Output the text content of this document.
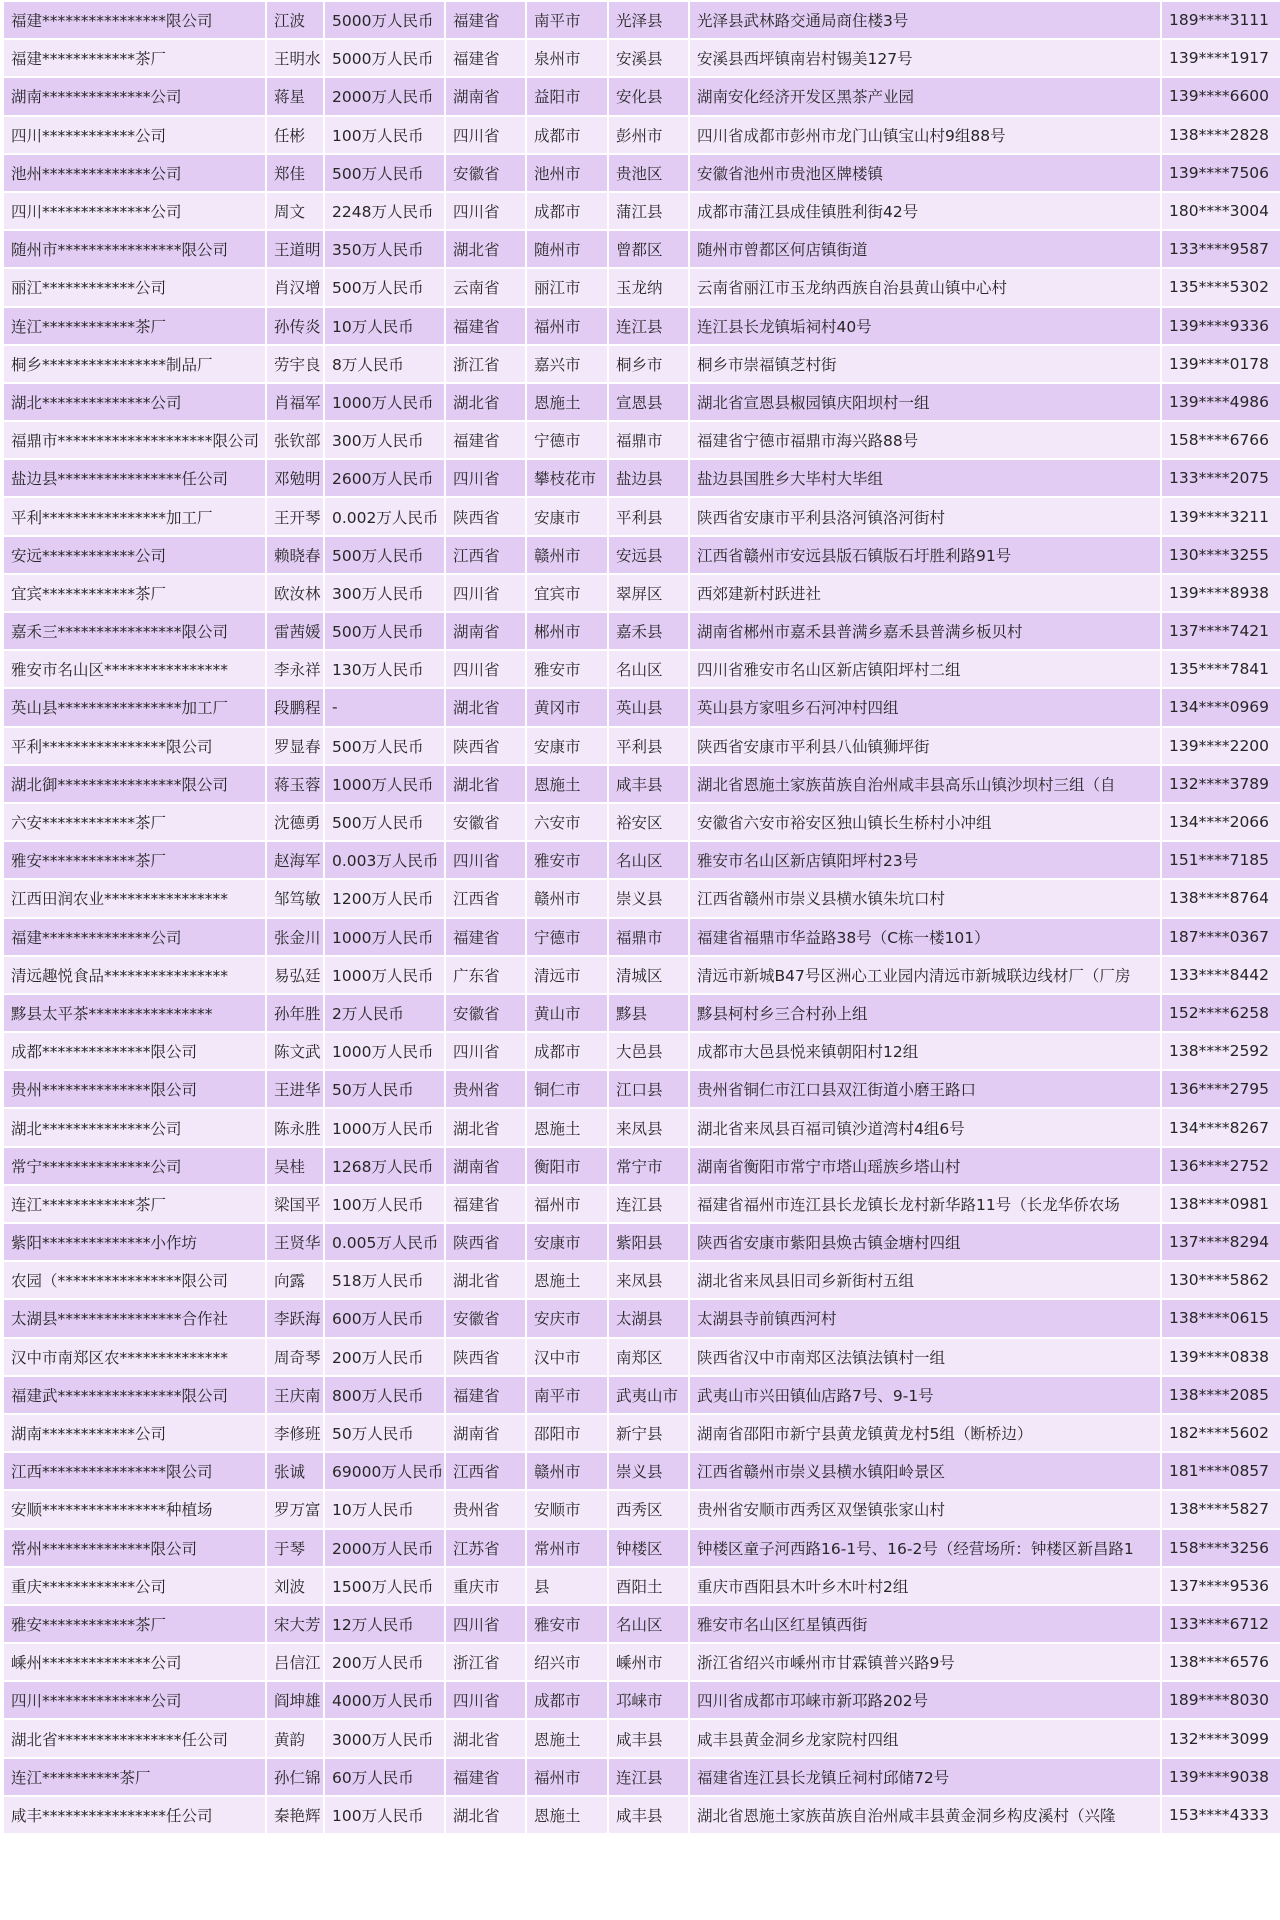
福建****************限公司	江波	5000万人民币	福建省	南平市	光泽县	光泽县武林路交通局商住楼3号	189****3111
福建************茶厂	王明水	5000万人民币	福建省	泉州市	安溪县	安溪县西坪镇南岩村锡美127号	139****1917
湖南**************公司	蒋星	2000万人民币	湖南省	益阳市	安化县	湖南安化经济开发区黑茶产业园	139****6600
四川************公司	任彬	100万人民币	四川省	成都市	彭州市	四川省成都市彭州市龙门山镇宝山村9组88号	138****2828
池州**************公司	郑佳	500万人民币	安徽省	池州市	贵池区	安徽省池州市贵池区牌楼镇	139****7506
四川**************公司	周文	2248万人民币	四川省	成都市	蒲江县	成都市蒲江县成佳镇胜利街42号	180****3004
随州市****************限公司	王道明	350万人民币	湖北省	随州市	曾都区	随州市曾都区何店镇街道	133****9587
丽江************公司	肖汉增	500万人民币	云南省	丽江市	玉龙纳	云南省丽江市玉龙纳西族自治县黄山镇中心村	135****5302
连江************茶厂	孙传炎	10万人民币	福建省	福州市	连江县	连江县长龙镇垢祠村40号	139****9336
桐乡****************制品厂	劳宇良	8万人民币	浙江省	嘉兴市	桐乡市	桐乡市崇福镇芝村街	139****0178
湖北**************公司	肖福军	1000万人民币	湖北省	恩施土	宣恩县	湖北省宣恩县椒园镇庆阳坝村一组	139****4986
福鼎市********************限公司	张钦部	300万人民币	福建省	宁德市	福鼎市	福建省宁德市福鼎市海兴路88号	158****6766
盐边县****************任公司	邓勉明	2600万人民币	四川省	攀枝花市	盐边县	盐边县国胜乡大毕村大毕组	133****2075
平利****************加工厂	王开琴	0.002万人民币	陕西省	安康市	平利县	陕西省安康市平利县洛河镇洛河街村	139****3211
安远************公司	赖晓春	500万人民币	江西省	赣州市	安远县	江西省赣州市安远县版石镇版石圩胜利路91号	130****3255
宜宾************茶厂	欧汝林	300万人民币	四川省	宜宾市	翠屏区	西郊建新村跃进社	139****8938
嘉禾三****************限公司	雷茜媛	500万人民币	湖南省	郴州市	嘉禾县	湖南省郴州市嘉禾县普满乡嘉禾县普满乡板贝村	137****7421
雅安市名山区****************	李永祥	130万人民币	四川省	雅安市	名山区	四川省雅安市名山区新店镇阳坪村二组	135****7841
英山县****************加工厂	段鹏程	-	湖北省	黄冈市	英山县	英山县方家咀乡石河冲村四组	134****0969
平利****************限公司	罗显春	500万人民币	陕西省	安康市	平利县	陕西省安康市平利县八仙镇狮坪街	139****2200
湖北御****************限公司	蒋玉蓉	1000万人民币	湖北省	恩施土	咸丰县	湖北省恩施土家族苗族自治州咸丰县高乐山镇沙坝村三组（自	132****3789
六安************茶厂	沈德勇	500万人民币	安徽省	六安市	裕安区	安徽省六安市裕安区独山镇长生桥村小冲组	134****2066
雅安************茶厂	赵海军	0.003万人民币	四川省	雅安市	名山区	雅安市名山区新店镇阳坪村23号	151****7185
江西田润农业****************	邹笃敏	1200万人民币	江西省	赣州市	崇义县	江西省赣州市崇义县横水镇朱坑口村	138****8764
福建**************公司	张金川	1000万人民币	福建省	宁德市	福鼎市	福建省福鼎市华益路38号（C栋一楼101）	187****0367
清远趣悦食品****************	易弘廷	1000万人民币	广东省	清远市	清城区	清远市新城B47号区洲心工业园内清远市新城联边线材厂（厂房	133****8442
黟县太平茶****************	孙年胜	2万人民币	安徽省	黄山市	黟县	黟县柯村乡三合村孙上组	152****6258
成都**************限公司	陈文武	1000万人民币	四川省	成都市	大邑县	成都市大邑县悦来镇朝阳村12组	138****2592
贵州**************限公司	王进华	50万人民币	贵州省	铜仁市	江口县	贵州省铜仁市江口县双江街道小磨王路口	136****2795
湖北**************公司	陈永胜	1000万人民币	湖北省	恩施土	来凤县	湖北省来凤县百福司镇沙道湾村4组6号	134****8267
常宁**************公司	吴桂	1268万人民币	湖南省	衡阳市	常宁市	湖南省衡阳市常宁市塔山瑶族乡塔山村	136****2752
连江************茶厂	梁国平	100万人民币	福建省	福州市	连江县	福建省福州市连江县长龙镇长龙村新华路11号（长龙华侨农场	138****0981
紫阳**************小作坊	王贤华	0.005万人民币	陕西省	安康市	紫阳县	陕西省安康市紫阳县焕古镇金塘村四组	137****8294
农园（****************限公司	向露	518万人民币	湖北省	恩施土	来凤县	湖北省来凤县旧司乡新街村五组	130****5862
太湖县****************合作社	李跃海	600万人民币	安徽省	安庆市	太湖县	太湖县寺前镇西河村	138****0615
汉中市南郑区农**************	周奇琴	200万人民币	陕西省	汉中市	南郑区	陕西省汉中市南郑区法镇法镇村一组	139****0838
福建武****************限公司	王庆南	800万人民币	福建省	南平市	武夷山市	武夷山市兴田镇仙店路7号、9-1号	138****2085
湖南************公司	李修班	50万人民币	湖南省	邵阳市	新宁县	湖南省邵阳市新宁县黄龙镇黄龙村5组（断桥边）	182****5602
江西****************限公司	张诚	69000万人民币	江西省	赣州市	崇义县	江西省赣州市崇义县横水镇阳岭景区	181****0857
安顺****************种植场	罗万富	10万人民币	贵州省	安顺市	西秀区	贵州省安顺市西秀区双堡镇张家山村	138****5827
常州**************限公司	于琴	2000万人民币	江苏省	常州市	钟楼区	钟楼区童子河西路16-1号、16-2号（经营场所：钟楼区新昌路1	158****3256
重庆************公司	刘波	1500万人民币	重庆市	县	酉阳土	重庆市酉阳县木叶乡木叶村2组	137****9536
雅安************茶厂	宋大芳	12万人民币	四川省	雅安市	名山区	雅安市名山区红星镇西街	133****6712
嵊州**************公司	吕信江	200万人民币	浙江省	绍兴市	嵊州市	浙江省绍兴市嵊州市甘霖镇普兴路9号	138****6576
四川**************公司	阎坤雄	4000万人民币	四川省	成都市	邛崃市	四川省成都市邛崃市新邛路202号	189****8030
湖北省****************任公司	黄韵	3000万人民币	湖北省	恩施土	咸丰县	咸丰县黄金洞乡龙家院村四组	132****3099
连江**********茶厂	孙仁锦	60万人民币	福建省	福州市	连江县	福建省连江县长龙镇丘祠村邱储72号	139****9038
咸丰****************任公司	秦艳辉	100万人民币	湖北省	恩施土	咸丰县	湖北省恩施土家族苗族自治州咸丰县黄金洞乡构皮溪村（兴隆	153****4333
